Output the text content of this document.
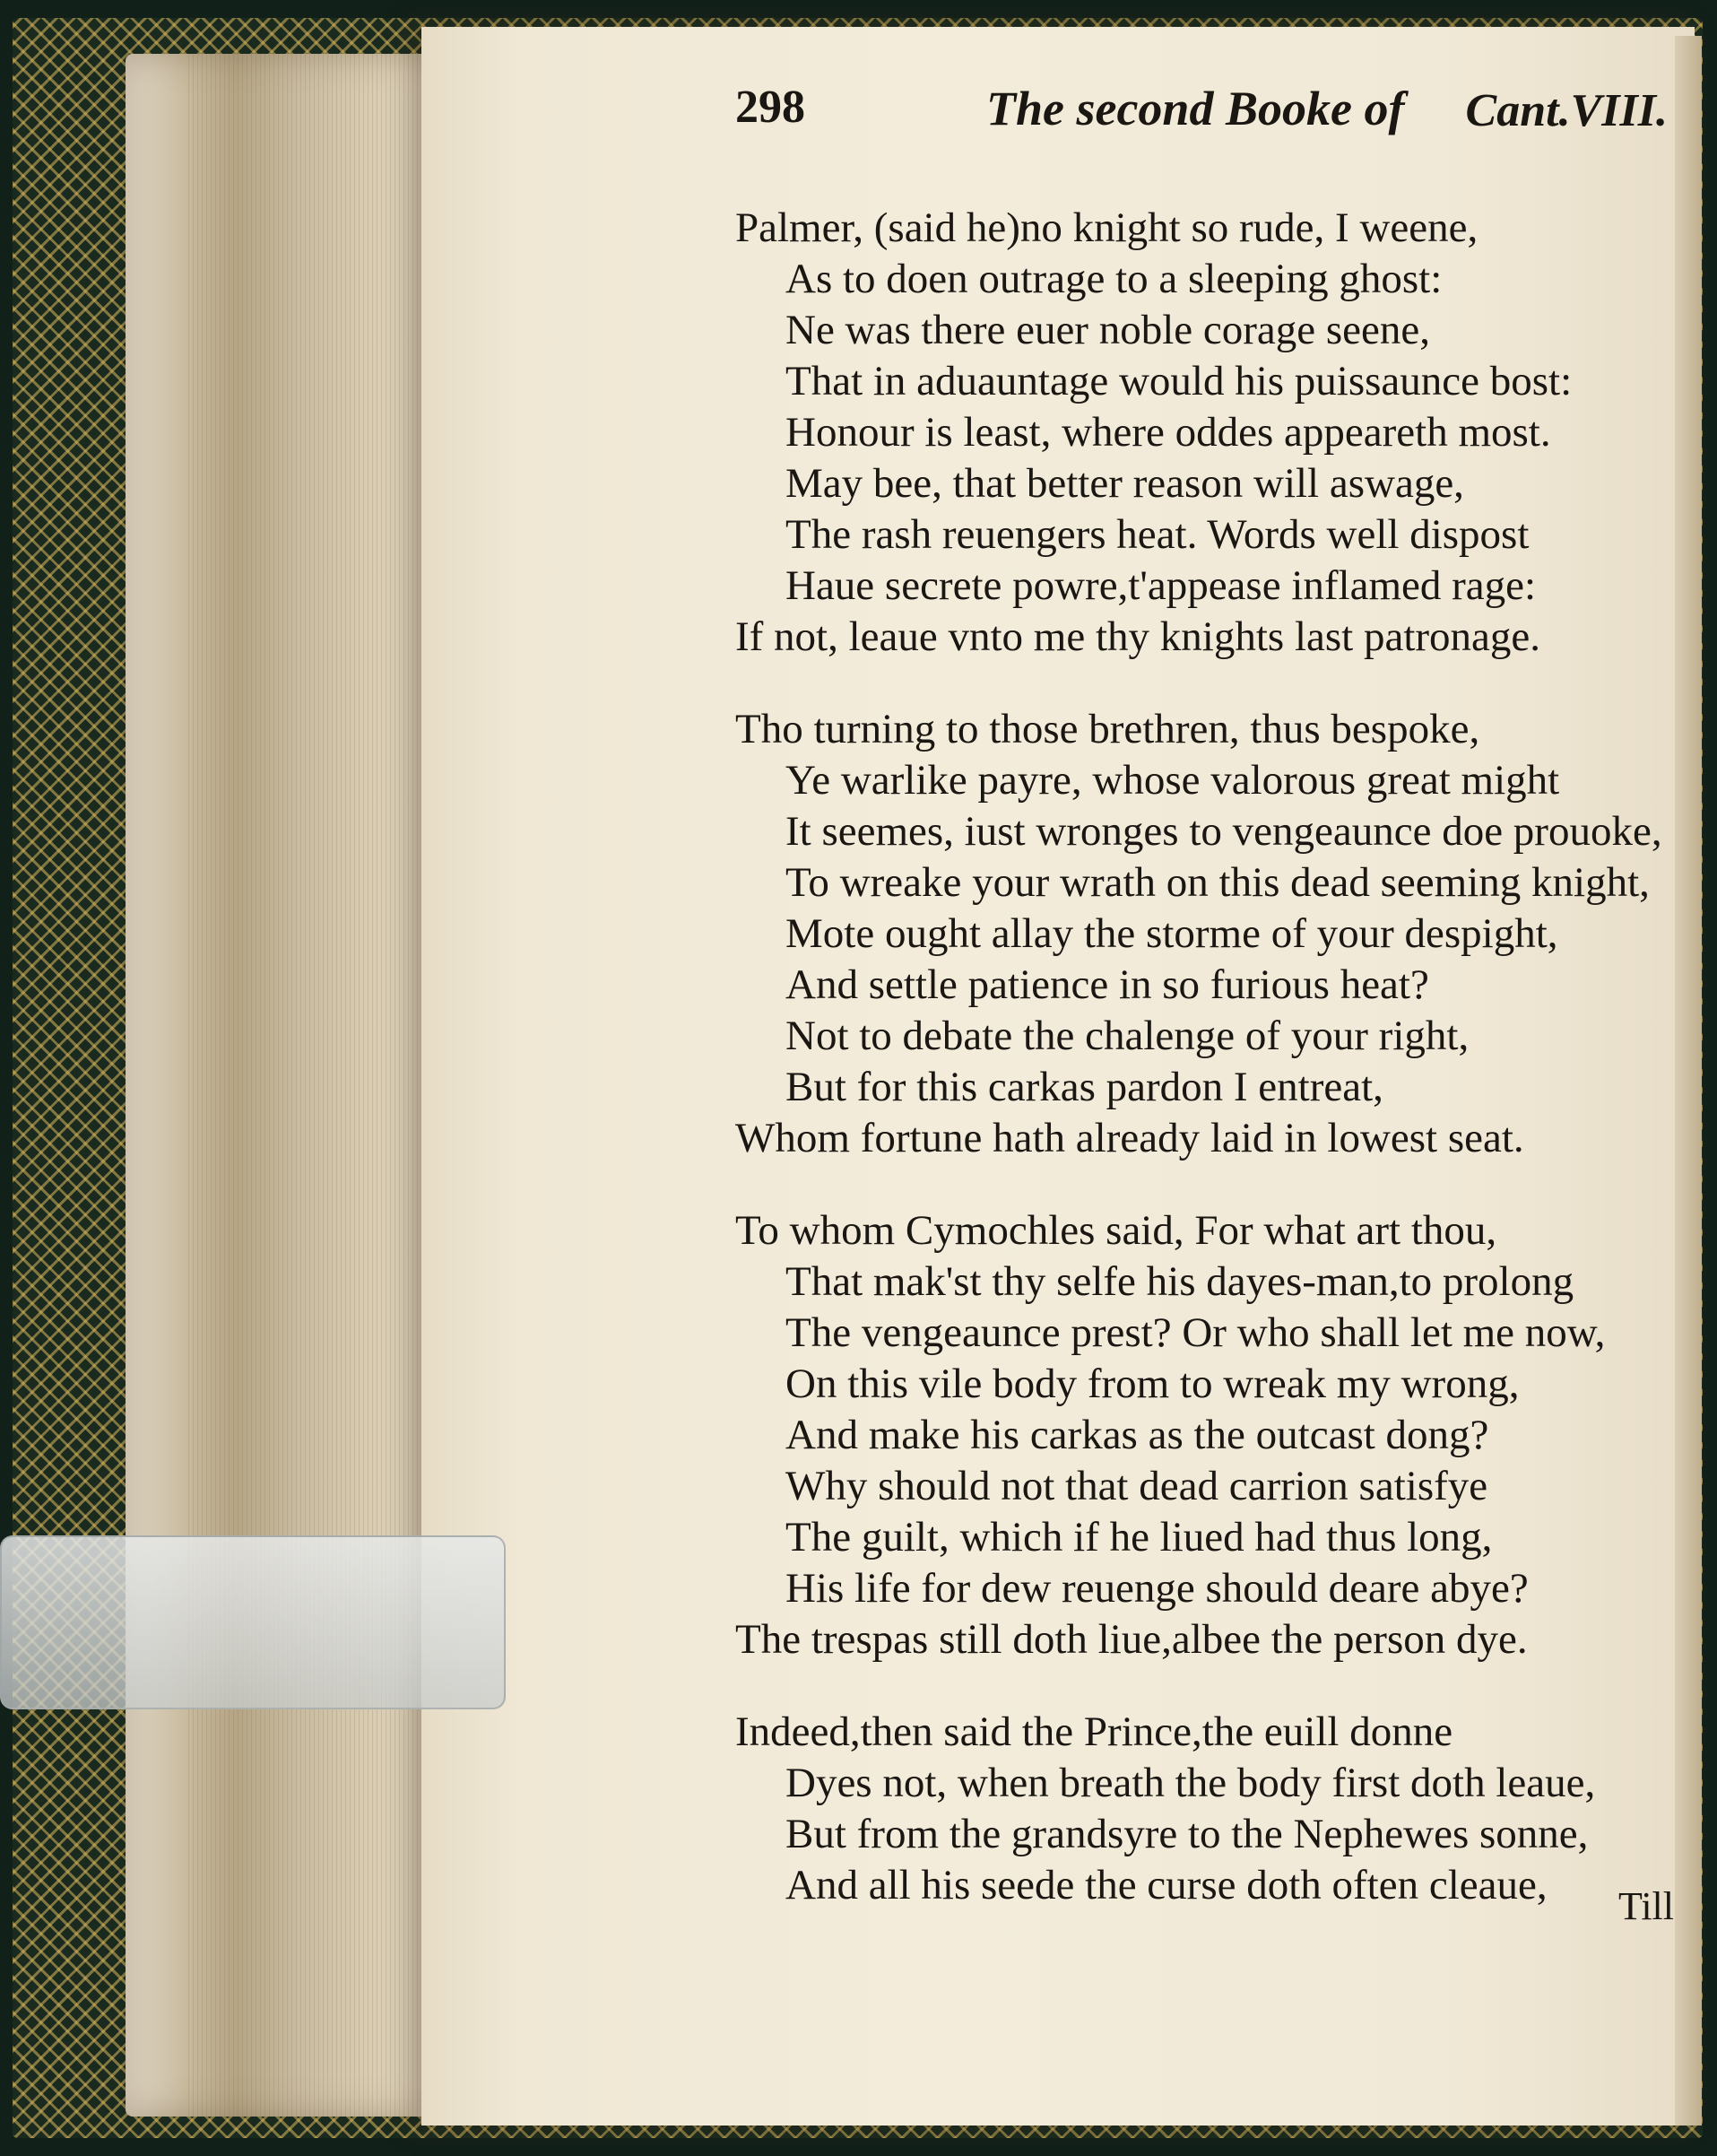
298	The second Booke of Cant.VIII.
Palmer, (said he)no knight so rude, I weene,
As to doen outrage to a sleeping ghost:
Ne was there euer noble corage seene,
That in aduauntage would his puissaunce bost:
Honour is least, where oddes appeareth most.
May bee, that better reason will aswage,
The rash reuengers heat. Words well dispost
Haue secrete powre,t'appease inflamed rage:
If not, leaue vnto me thy knights last patronage.
Tho turning to those brethren, thus bespoke,
Ye warlike payre, whose valorous great might
It seemes, iust wronges to vengeaunce doe prouoke,
To wreake your wrath on this dead seeming knight,
Mote ought allay the storme of your despight,
And settle patience in so furious heat?
Not to debate the chalenge of your right,
But for this carkas pardon I entreat,
Whom fortune hath already laid in lowest seat.
To whom Cymochles said, For what art thou,
That mak'st thy selfe his dayes-man,to prolong
The vengeaunce prest? Or who shall let me now,
On this vile body from to wreak my wrong,
And make his carkas as the outcast dong?
Why should not that dead carrion satisfye
The guilt, which if he liued had thus long,
His life for dew reuenge should deare abye?
The trespas still doth liue,albee the person dye.
Indeed,then said the Prince,the euill donne
Dyes not, when breath the body first doth leaue,
But from the grandsyre to the Nephewes sonne,
And all his seede the curse doth often cleaue,	Till
